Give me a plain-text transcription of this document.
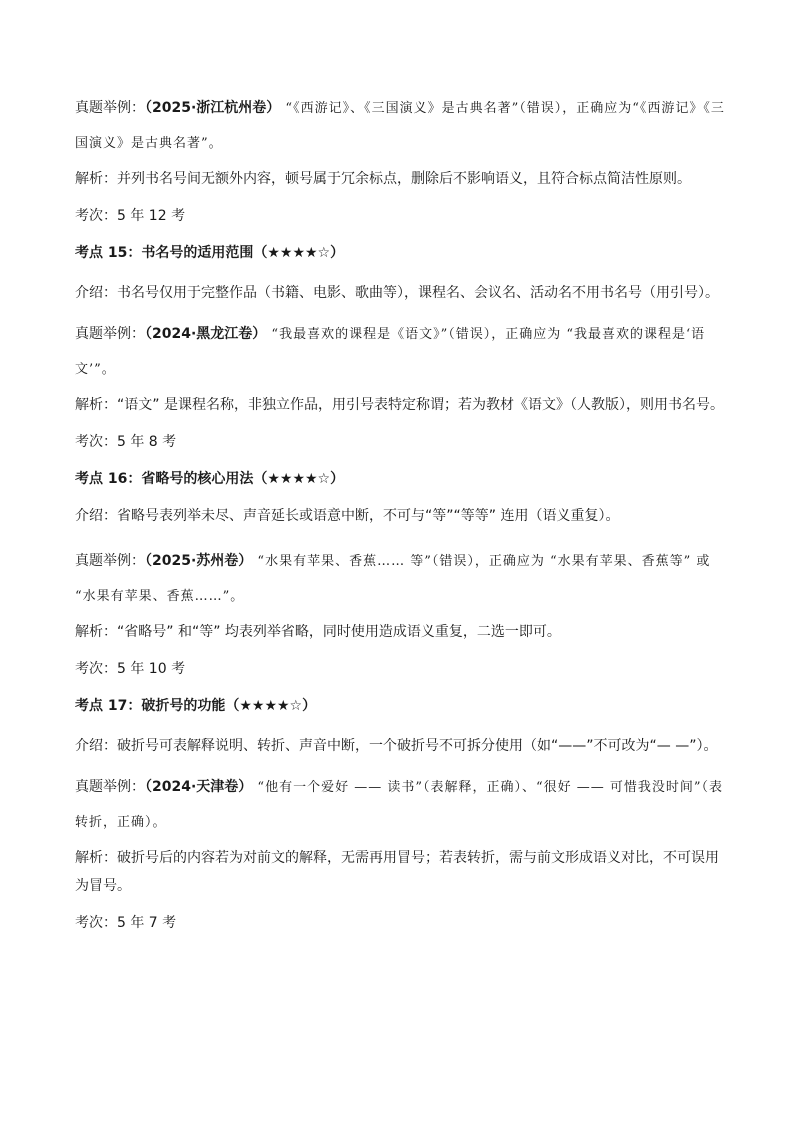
真题举例：（2025·浙江杭州卷） “《西游记》、《三国演义》是古典名著”（错误），正确应为“《西游记》《三国演义》是古典名著”。

解析：并列书名号间无额外内容，顿号属于冗余标点，删除后不影响语义，且符合标点简洁性原则。

考次：5 年 12 考

考点 15：书名号的适用范围（★★★★☆）

介绍：书名号仅用于完整作品（书籍、电影、歌曲等），课程名、会议名、活动名不用书名号（用引号）。

真题举例：（2024·黑龙江卷） “我最喜欢的课程是《语文》”（错误），正确应为 “我最喜欢的课程是‘语文’”。

解析：“语文” 是课程名称，非独立作品，用引号表特定称谓；若为教材《语文》（人教版），则用书名号。

考次：5 年 8 考

考点 16：省略号的核心用法（★★★★☆）

介绍：省略号表列举未尽、声音延长或语意中断，不可与“等”“等等” 连用（语义重复）。

真题举例：（2025·苏州卷） “水果有苹果、香蕉…… 等”（错误），正确应为 “水果有苹果、香蕉等” 或 “水果有苹果、香蕉……”。

解析：“省略号” 和“等” 均表列举省略，同时使用造成语义重复，二选一即可。

考次：5 年 10 考

考点 17：破折号的功能（★★★★☆）

介绍：破折号可表解释说明、转折、声音中断，一个破折号不可拆分使用（如“——”不可改为“— —”）。

真题举例：（2024·天津卷） “他有一个爱好 —— 读书”（表解释，正确）、“很好 —— 可惜我没时间”（表转折，正确）。

解析：破折号后的内容若为对前文的解释，无需再用冒号；若表转折，需与前文形成语义对比，不可误用为冒号。

考次：5 年 7 考
